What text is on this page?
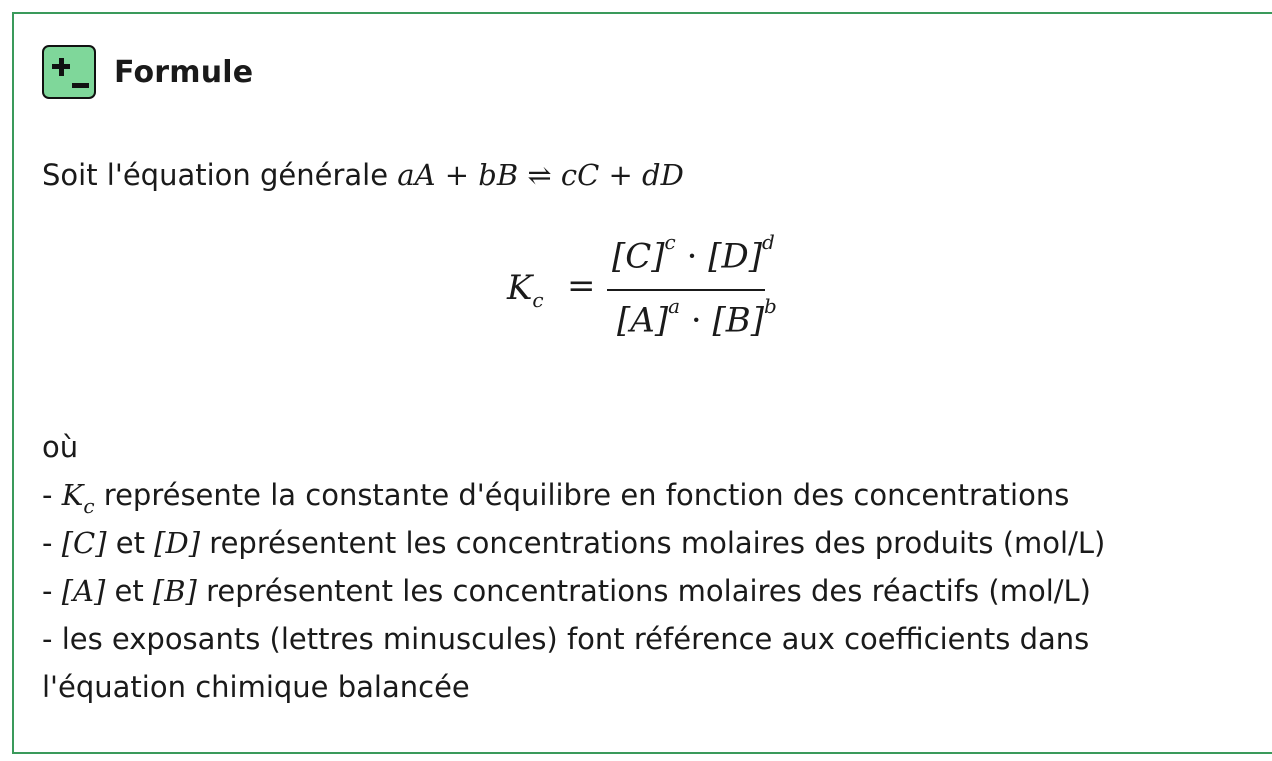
Formule
Soit l'équation générale aA + bB ⇌ cC + dD
$K_c$ =
$[C]^c \cdot [D]^d$
$[A]^a \cdot [B]^b$
où
- $K_c$ représente la constante d'équilibre en fonction des concentrations
- [C] et [D] représentent les concentrations molaires des produits (mol/L)
- [A] et [B] représentent les concentrations molaires des réactifs (mol/L)
- les exposants (lettres minuscules) font référence aux coefficients dans
l'équation chimique balancée
